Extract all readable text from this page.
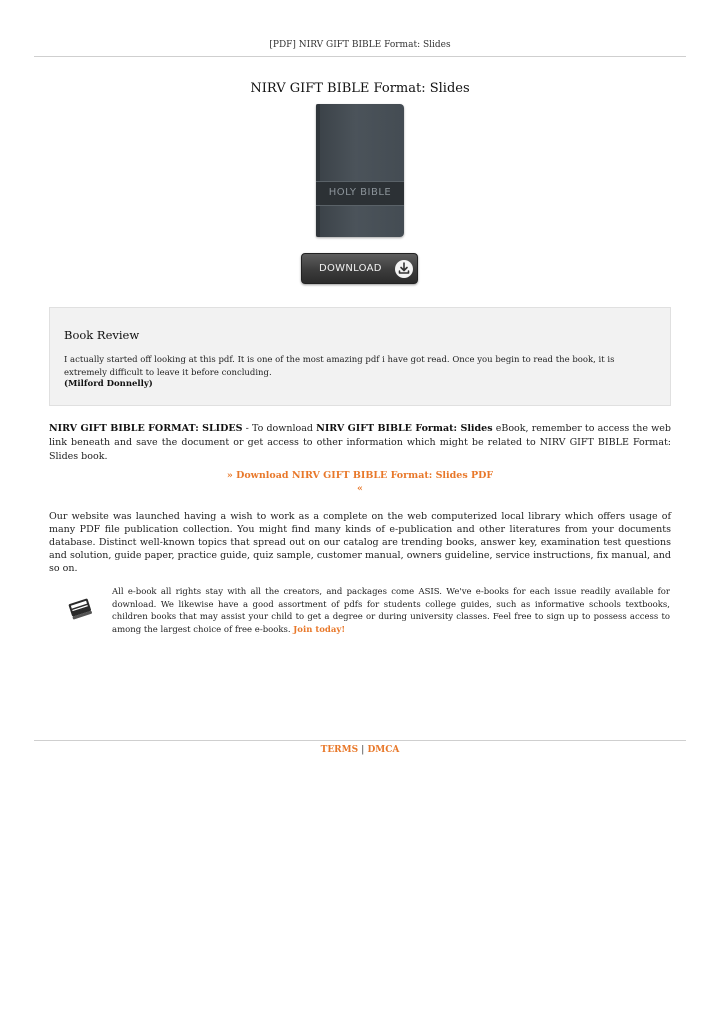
[PDF] NIRV GIFT BIBLE Format: Slides
NIRV GIFT BIBLE Format: Slides
HOLY BIBLE
DOWNLOAD
Book Review
I actually started off looking at this pdf. It is one of the most amazing pdf i have got read. Once you begin to read the book, it is extremely difficult to leave it before concluding.
(Milford Donnelly)

NIRV GIFT BIBLE FORMAT: SLIDES - To download NIRV GIFT BIBLE Format: Slides eBook, remember to access the web link beneath and save the document or get access to other information which might be related to NIRV GIFT BIBLE Format: Slides book.

» Download NIRV GIFT BIBLE Format: Slides PDF
«

Our website was launched having a wish to work as a complete on the web computerized local library which offers usage of many PDF file publication collection. You might find many kinds of e-publication and other literatures from your documents database. Distinct well-known topics that spread out on our catalog are trending books, answer key, examination test questions and solution, guide paper, practice guide, quiz sample, customer manual, owners guideline, service instructions, fix manual, and so on.

All e-book all rights stay with all the creators, and packages come ASIS. We've e-books for each issue readily available for download. We likewise have a good assortment of pdfs for students college guides, such as informative schools textbooks, children books that may assist your child to get a degree or during university classes. Feel free to sign up to possess access to among the largest choice of free e-books. Join today!

TERMS | DMCA
